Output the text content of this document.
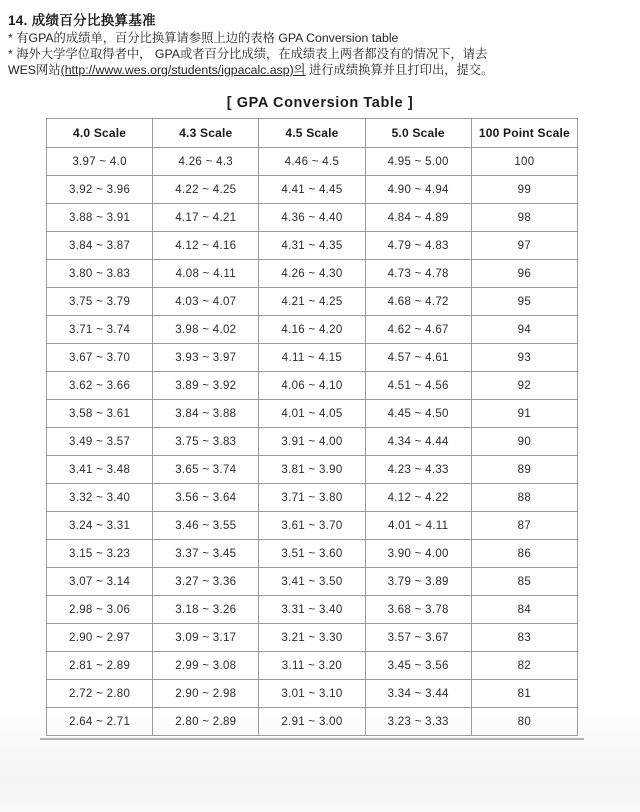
14. 成绩百分比换算基准

* 有GPA的成绩单，百分比换算请参照上边的表格 GPA Conversion table

* 海外大学学位取得者中， GPA或者百分比成绩，在成绩表上两者都没有的情况下，请去

WES网站(http://www.wes.org/students/igpacalc.asp)의 进行成绩换算并且打印出，提交。

[ GPA Conversion Table ]
4.0 Scale	4.3 Scale	4.5 Scale	5.0 Scale	100 Point Scale
3.97 ~ 4.0	4.26 ~ 4.3	4.46 ~ 4.5	4.95 ~ 5.00	100
3.92 ~ 3.96	4.22 ~ 4.25	4.41 ~ 4.45	4.90 ~ 4.94	99
3.88 ~ 3.91	4.17 ~ 4.21	4.36 ~ 4.40	4.84 ~ 4.89	98
3.84 ~ 3.87	4.12 ~ 4.16	4.31 ~ 4.35	4.79 ~ 4.83	97
3.80 ~ 3.83	4.08 ~ 4.11	4.26 ~ 4.30	4.73 ~ 4.78	96
3.75 ~ 3.79	4.03 ~ 4.07	4.21 ~ 4.25	4.68 ~ 4.72	95
3.71 ~ 3.74	3.98 ~ 4.02	4.16 ~ 4.20	4.62 ~ 4.67	94
3.67 ~ 3.70	3.93 ~ 3.97	4.11 ~ 4.15	4.57 ~ 4.61	93
3.62 ~ 3.66	3.89 ~ 3.92	4.06 ~ 4.10	4.51 ~ 4.56	92
3.58 ~ 3.61	3.84 ~ 3.88	4.01 ~ 4.05	4.45 ~ 4.50	91
3.49 ~ 3.57	3.75 ~ 3.83	3.91 ~ 4.00	4.34 ~ 4.44	90
3.41 ~ 3.48	3.65 ~ 3.74	3.81 ~ 3.90	4.23 ~ 4.33	89
3.32 ~ 3.40	3.56 ~ 3.64	3.71 ~ 3.80	4.12 ~ 4.22	88
3.24 ~ 3.31	3.46 ~ 3.55	3.61 ~ 3.70	4.01 ~ 4.11	87
3.15 ~ 3.23	3.37 ~ 3.45	3.51 ~ 3.60	3.90 ~ 4.00	86
3.07 ~ 3.14	3.27 ~ 3.36	3.41 ~ 3.50	3.79 ~ 3.89	85
2.98 ~ 3.06	3.18 ~ 3.26	3.31 ~ 3.40	3.68 ~ 3.78	84
2.90 ~ 2.97	3.09 ~ 3.17	3.21 ~ 3.30	3.57 ~ 3.67	83
2.81 ~ 2.89	2.99 ~ 3.08	3.11 ~ 3.20	3.45 ~ 3.56	82
2.72 ~ 2.80	2.90 ~ 2.98	3.01 ~ 3.10	3.34 ~ 3.44	81
2.64 ~ 2.71	2.80 ~ 2.89	2.91 ~ 3.00	3.23 ~ 3.33	80
